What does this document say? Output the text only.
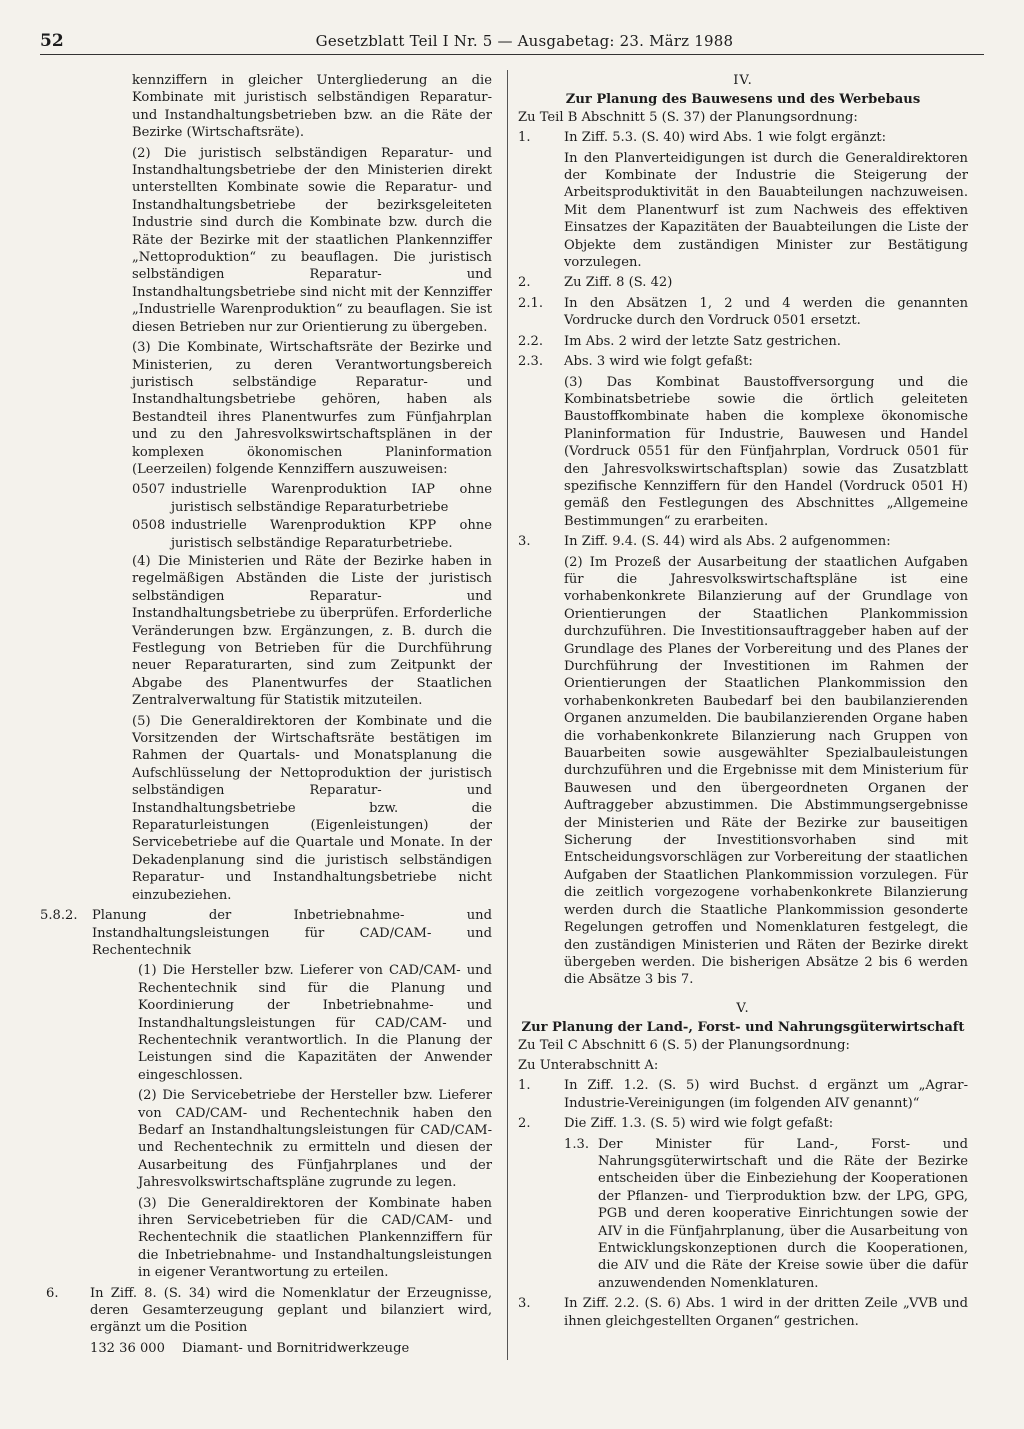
52	Gesetzblatt Teil I Nr. 5 — Ausgabetag: 23. März 1988

kennziffern in gleicher Untergliederung an die Kombinate mit juristisch selbständigen Reparatur- und Instandhaltungsbetrieben bzw. an die Räte der Bezirke (Wirtschaftsräte).

(2) Die juristisch selbständigen Reparatur- und Instandhaltungsbetriebe der den Ministerien direkt unterstellten Kombinate sowie die Reparatur- und Instandhaltungsbetriebe der bezirksgeleiteten Industrie sind durch die Kombinate bzw. durch die Räte der Bezirke mit der staatlichen Plankennziffer „Nettoproduktion“ zu beauflagen. Die juristisch selbständigen Reparatur- und Instandhaltungsbetriebe sind nicht mit der Kennziffer „Industrielle Warenproduktion“ zu beauflagen. Sie ist diesen Betrieben nur zur Orientierung zu übergeben.

(3) Die Kombinate, Wirtschaftsräte der Bezirke und Ministerien, zu deren Verantwortungsbereich juristisch selbständige Reparatur- und Instandhaltungsbetriebe gehören, haben als Bestandteil ihres Planentwurfes zum Fünfjahrplan und zu den Jahresvolkswirtschaftsplänen in der komplexen ökonomischen Planinformation (Leerzeilen) folgende Kennziffern auszuweisen:

0507 industrielle Warenproduktion IAP ohne juristisch selbständige Reparaturbetriebe
0508 industrielle Warenproduktion KPP ohne juristisch selbständige Reparaturbetriebe.

(4) Die Ministerien und Räte der Bezirke haben in regelmäßigen Abständen die Liste der juristisch selbständigen Reparatur- und Instandhaltungsbetriebe zu überprüfen. Erforderliche Veränderungen bzw. Ergänzungen, z. B. durch die Festlegung von Betrieben für die Durchführung neuer Reparaturarten, sind zum Zeitpunkt der Abgabe des Planentwurfes der Staatlichen Zentralverwaltung für Statistik mitzuteilen.

(5) Die Generaldirektoren der Kombinate und die Vorsitzenden der Wirtschaftsräte bestätigen im Rahmen der Quartals- und Monatsplanung die Aufschlüsselung der Nettoproduktion der juristisch selbständigen Reparatur- und Instandhaltungsbetriebe bzw. die Reparaturleistungen (Eigenleistungen) der Servicebetriebe auf die Quartale und Monate. In der Dekadenplanung sind die juristisch selbständigen Reparatur- und Instandhaltungsbetriebe nicht einzubeziehen.

5.8.2.	Planung der Inbetriebnahme- und Instandhaltungsleistungen für CAD/CAM- und Rechentechnik

(1) Die Hersteller bzw. Lieferer von CAD/CAM- und Rechentechnik sind für die Planung und Koordinierung der Inbetriebnahme- und Instandhaltungsleistungen für CAD/CAM- und Rechentechnik verantwortlich. In die Planung der Leistungen sind die Kapazitäten der Anwender eingeschlossen.

(2) Die Servicebetriebe der Hersteller bzw. Lieferer von CAD/CAM- und Rechentechnik haben den Bedarf an Instandhaltungsleistungen für CAD/CAM- und Rechentechnik zu ermitteln und diesen der Ausarbeitung des Fünfjahrplanes und der Jahresvolkswirtschaftspläne zugrunde zu legen.

(3) Die Generaldirektoren der Kombinate haben ihren Servicebetrieben für die CAD/CAM- und Rechentechnik die staatlichen Plankennziffern für die Inbetriebnahme- und Instandhaltungsleistungen in eigener Verantwortung zu erteilen.

6.	In Ziff. 8. (S. 34) wird die Nomenklatur der Erzeugnisse, deren Gesamterzeugung geplant und bilanziert wird, ergänzt um die Position
132 36 000	Diamant- und Bornitridwerkzeuge

IV.

Zur Planung des Bauwesens und des Werbebaus

Zu Teil B Abschnitt 5 (S. 37) der Planungsordnung:

1.	In Ziff. 5.3. (S. 40) wird Abs. 1 wie folgt ergänzt:

In den Planverteidigungen ist durch die Generaldirektoren der Kombinate der Industrie die Steigerung der Arbeitsproduktivität in den Bauabteilungen nachzuweisen. Mit dem Planentwurf ist zum Nachweis des effektiven Einsatzes der Kapazitäten der Bauabteilungen die Liste der Objekte dem zuständigen Minister zur Bestätigung vorzulegen.

2.	Zu Ziff. 8 (S. 42)
2.1.	In den Absätzen 1, 2 und 4 werden die genannten Vordrucke durch den Vordruck 0501 ersetzt.
2.2.	Im Abs. 2 wird der letzte Satz gestrichen.
2.3.	Abs. 3 wird wie folgt gefaßt:

(3) Das Kombinat Baustoffversorgung und die Kombinatsbetriebe sowie die örtlich geleiteten Baustoffkombinate haben die komplexe ökonomische Planinformation für Industrie, Bauwesen und Handel (Vordruck 0551 für den Fünfjahrplan, Vordruck 0501 für den Jahresvolkswirtschaftsplan) sowie das Zusatzblatt spezifische Kennziffern für den Handel (Vordruck 0501 H) gemäß den Festlegungen des Abschnittes „Allgemeine Bestimmungen“ zu erarbeiten.

3.	In Ziff. 9.4. (S. 44) wird als Abs. 2 aufgenommen:

(2) Im Prozeß der Ausarbeitung der staatlichen Aufgaben für die Jahresvolkswirtschaftspläne ist eine vorhabenkonkrete Bilanzierung auf der Grundlage von Orientierungen der Staatlichen Plankommission durchzuführen. Die Investitionsauftraggeber haben auf der Grundlage des Planes der Vorbereitung und des Planes der Durchführung der Investitionen im Rahmen der Orientierungen der Staatlichen Plankommission den vorhabenkonkreten Baubedarf bei den baubilanzierenden Organen anzumelden. Die baubilanzierenden Organe haben die vorhabenkonkrete Bilanzierung nach Gruppen von Bauarbeiten sowie ausgewählter Spezialbauleistungen durchzuführen und die Ergebnisse mit dem Ministerium für Bauwesen und den übergeordneten Organen der Auftraggeber abzustimmen. Die Abstimmungsergebnisse der Ministerien und Räte der Bezirke zur bauseitigen Sicherung der Investitionsvorhaben sind mit Entscheidungsvorschlägen zur Vorbereitung der staatlichen Aufgaben der Staatlichen Plankommission vorzulegen. Für die zeitlich vorgezogene vorhabenkonkrete Bilanzierung werden durch die Staatliche Plankommission gesonderte Regelungen getroffen und Nomenklaturen festgelegt, die den zuständigen Ministerien und Räten der Bezirke direkt übergeben werden. Die bisherigen Absätze 2 bis 6 werden die Absätze 3 bis 7.

V.

Zur Planung der Land-, Forst- und Nahrungsgüterwirtschaft

Zu Teil C Abschnitt 6 (S. 5) der Planungsordnung:

Zu Unterabschnitt A:

1.	In Ziff. 1.2. (S. 5) wird Buchst. d ergänzt um „Agrar-Industrie-Vereinigungen (im folgenden AIV genannt)“
2.	Die Ziff. 1.3. (S. 5) wird wie folgt gefaßt:
1.3. Der Minister für Land-, Forst- und Nahrungsgüterwirtschaft und die Räte der Bezirke entscheiden über die Einbeziehung der Kooperationen der Pflanzen- und Tierproduktion bzw. der LPG, GPG, PGB und deren kooperative Einrichtungen sowie der AIV in die Fünfjahrplanung, über die Ausarbeitung von Entwicklungskonzeptionen durch die Kooperationen, die AIV und die Räte der Kreise sowie über die dafür anzuwendenden Nomenklaturen.
3.	In Ziff. 2.2. (S. 6) Abs. 1 wird in der dritten Zeile „VVB und ihnen gleichgestellten Organen“ gestrichen.
